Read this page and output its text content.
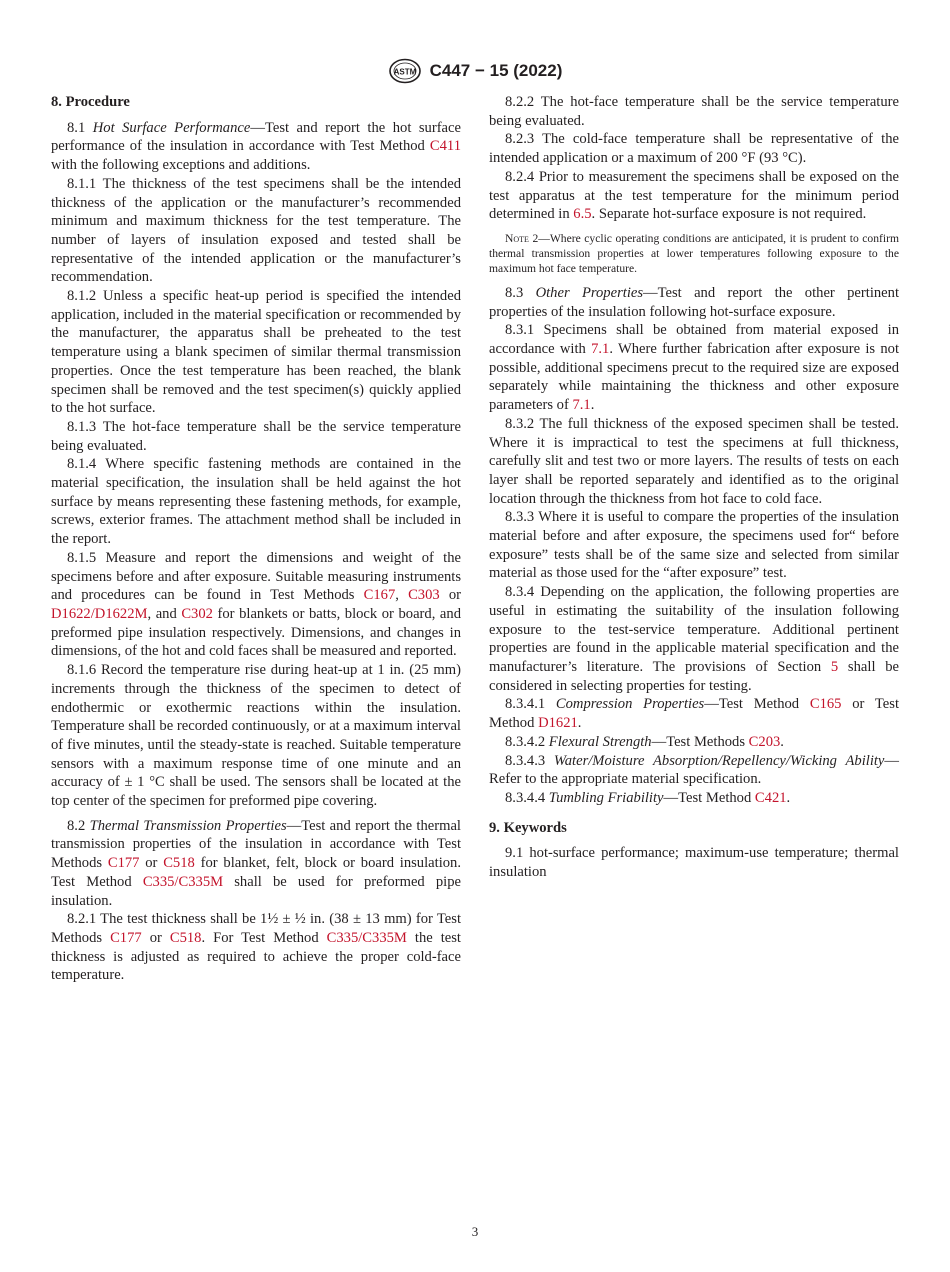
ASTM C447 − 15 (2022)
8. Procedure

8.1 Hot Surface Performance—Test and report the hot surface performance of the insulation in accordance with Test Method C411 with the following exceptions and additions.

8.1.1 The thickness of the test specimens shall be the intended thickness of the application or the manufacturer’s recommended minimum and maximum thickness for the test temperature. The number of layers of insulation exposed and tested shall be representative of the intended application or the manufacturer’s recommendation.

8.1.2 Unless a specific heat-up period is specified the intended application, included in the material specification or recommended by the manufacturer, the apparatus shall be preheated to the test temperature using a blank specimen of similar thermal transmission properties. Once the test temperature has been reached, the blank specimen shall be removed and the test specimen(s) quickly applied to the hot surface.

8.1.3 The hot-face temperature shall be the service temperature being evaluated.

8.1.4 Where specific fastening methods are contained in the material specification, the insulation shall be held against the hot surface by means representing these fastening methods, for example, screws, exterior frames. The attachment method shall be included in the report.

8.1.5 Measure and report the dimensions and weight of the specimens before and after exposure. Suitable measuring instruments and procedures can be found in Test Methods C167, C303 or D1622/D1622M, and C302 for blankets or batts, block or board, and preformed pipe insulation respectively. Dimensions, and changes in dimensions, of the hot and cold faces shall be measured and reported.

8.1.6 Record the temperature rise during heat-up at 1 in. (25 mm) increments through the thickness of the specimen to detect of endothermic or exothermic reactions within the insulation. Temperature shall be recorded continuously, or at a maximum interval of five minutes, until the steady-state is reached. Suitable temperature sensors with a maximum response time of one minute and an accuracy of ± 1 °C shall be used. The sensors shall be located at the top center of the specimen for preformed pipe covering.

8.2 Thermal Transmission Properties—Test and report the thermal transmission properties of the insulation in accordance with Test Methods C177 or C518 for blanket, felt, block or board insulation. Test Method C335/C335M shall be used for preformed pipe insulation.

8.2.1 The test thickness shall be 1½ ± ½ in. (38 ± 13 mm) for Test Methods C177 or C518. For Test Method C335/C335M the test thickness is adjusted as required to achieve the proper cold-face temperature.

8.2.2 The hot-face temperature shall be the service temperature being evaluated.

8.2.3 The cold-face temperature shall be representative of the intended application or a maximum of 200 °F (93 °C).

8.2.4 Prior to measurement the specimens shall be exposed on the test apparatus at the test temperature for the minimum period determined in 6.5. Separate hot-surface exposure is not required.

Note 2—Where cyclic operating conditions are anticipated, it is prudent to confirm thermal transmission properties at lower temperatures following exposure to the maximum hot face temperature.

8.3 Other Properties—Test and report the other pertinent properties of the insulation following hot-surface exposure.

8.3.1 Specimens shall be obtained from material exposed in accordance with 7.1. Where further fabrication after exposure is not possible, additional specimens precut to the required size are exposed separately while maintaining the thickness and other exposure parameters of 7.1.

8.3.2 The full thickness of the exposed specimen shall be tested. Where it is impractical to test the specimens at full thickness, carefully slit and test two or more layers. The results of tests on each layer shall be reported separately and identified as to the original location through the thickness from hot face to cold face.

8.3.3 Where it is useful to compare the properties of the insulation material before and after exposure, the specimens used for“ before exposure” tests shall be of the same size and selected from similar material as those used for the “after exposure” test.

8.3.4 Depending on the application, the following properties are useful in estimating the suitability of the insulation following exposure to the test-service temperature. Additional pertinent properties are found in the applicable material specification and the manufacturer’s literature. The provisions of Section 5 shall be considered in selecting properties for testing.

8.3.4.1 Compression Properties—Test Method C165 or Test Method D1621.

8.3.4.2 Flexural Strength—Test Methods C203.

8.3.4.3 Water/Moisture Absorption/Repellency/Wicking Ability—Refer to the appropriate material specification.

8.3.4.4 Tumbling Friability—Test Method C421.

9. Keywords

9.1 hot-surface performance; maximum-use temperature; thermal insulation

3
